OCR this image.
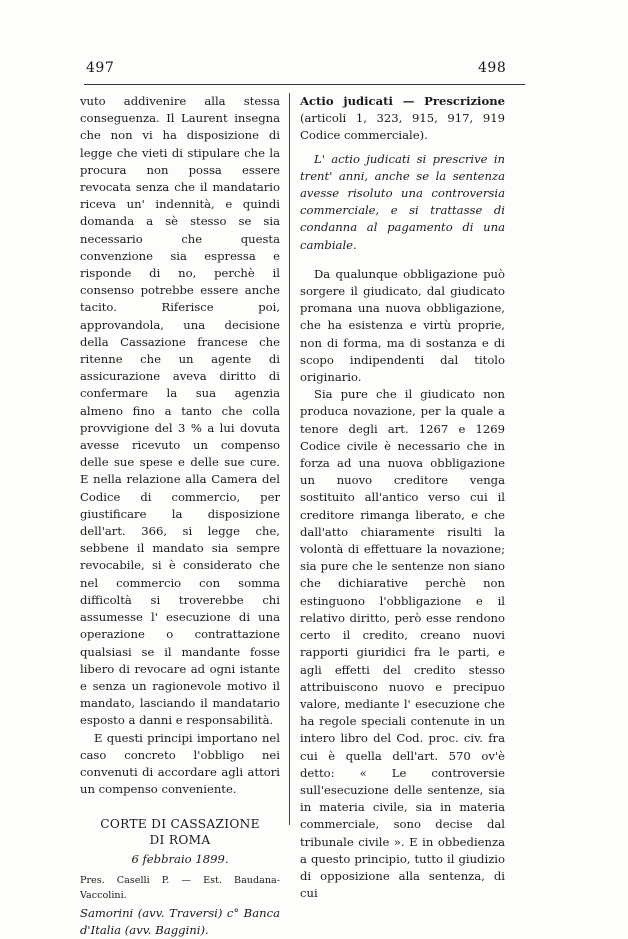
497	498

vuto addivenire alla stessa conseguenza. Il Laurent insegna che non vi ha disposizione di legge che vieti di stipulare che la procura non possa essere revocata senza che il mandatario riceva un' indennità, e quindi domanda a sè stesso se sia necessario che questa convenzione sia espressa e risponde di no, perchè il consenso potrebbe essere anche tacito. Riferisce poi, approvandola, una decisione della Cassazione francese che ritenne che un agente di assicurazione aveva diritto di confermare la sua agenzia almeno fino a tanto che colla provvigione del 3 % a lui dovuta avesse ricevuto un compenso delle sue spese e delle sue cure. E nella relazione alla Camera del Codice di commercio, per giustificare la disposizione dell'art. 366, si legge che, sebbene il mandato sia sempre revocabile, si è considerato che nel commercio con somma difficoltà si troverebbe chi assumesse l' esecuzione di una operazione o contrattazione qualsiasi se il mandante fosse libero di revocare ad ogni istante e senza un ragionevole motivo il mandato, lasciando il mandatario esposto a danni e responsabilità.

E questi principi importano nel caso concreto l'obbligo nei convenuti di accordare agli attori un compenso conveniente.

CORTE DI CASSAZIONE
DI ROMA
6 febbraio 1899.
Pres. Caselli P. — Est. Baudana-Vaccolini.
Samorini (avv. Traversi) c° Banca d'Italia (avv. Baggini).

Actio judicati — Prescrizione (articoli 1, 323, 915, 917, 919 Codice commerciale).

L' actio judicati si prescrive in trent' anni, anche se la sentenza avesse risoluto una controversia commerciale, e si trattasse di condanna al pagamento di una cambiale.

Da qualunque obbligazione può sorgere il giudicato, dal giudicato promana una nuova obbligazione, che ha esistenza e virtù proprie, non di forma, ma di sostanza e di scopo indipendenti dal titolo originario.

Sia pure che il giudicato non produca novazione, per la quale a tenore degli art. 1267 e 1269 Codice civile è necessario che in forza ad una nuova obbligazione un nuovo creditore venga sostituito all'antico verso cui il creditore rimanga liberato, e che dall'atto chiaramente risulti la volontà di effettuare la novazione; sia pure che le sentenze non siano che dichiarative perchè non estinguono l'obbligazione e il relativo diritto, però esse rendono certo il credito, creano nuovi rapporti giuridici fra le parti, e agli effetti del credito stesso attribuiscono nuovo e precipuo valore, mediante l' esecuzione che ha regole speciali contenute in un intero libro del Cod. proc. civ. fra cui è quella dell'art. 570 ov'è detto: « Le controversie sull'esecuzione delle sentenze, sia in materia civile, sia in materia commerciale, sono decise dal tribunale civile ». E in obbedienza a questo principio, tutto il giudizio di opposizione alla sentenza, di cui
